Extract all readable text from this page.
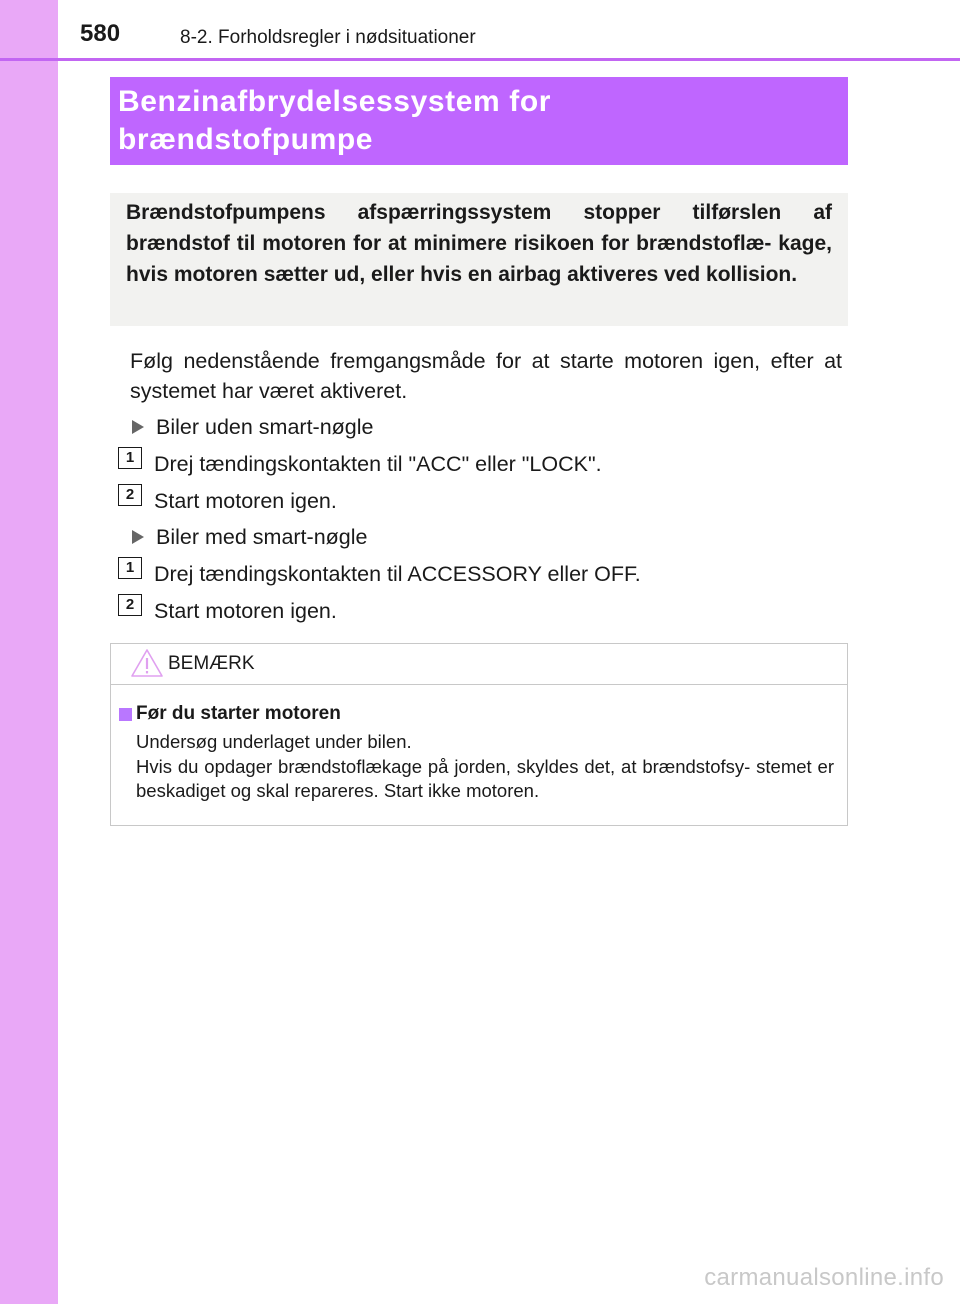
580	8-2. Forholdsregler i nødsituationer
Benzinafbrydelsessystem for
brændstofpumpe

Brændstofpumpens afspærringssystem stopper tilførslen af brændstof til motoren for at minimere risikoen for brændstoflæ- kage, hvis motoren sætter ud, eller hvis en airbag aktiveres ved kollision.

Følg nedenstående fremgangsmåde for at starte motoren igen, efter at systemet har været aktiveret.

Biler uden smart-nøgle
1 Drej tændingskontakten til "ACC" eller "LOCK".
2 Start motoren igen.
Biler med smart-nøgle
1 Drej tændingskontakten til ACCESSORY eller OFF.
2 Start motoren igen.
BEMÆRK
Før du starter motoren

Undersøg underlaget under bilen.
Hvis du opdager brændstoflækage på jorden, skyldes det, at brændstofsy- stemet er beskadiget og skal repareres. Start ikke motoren.

carmanualsonline.info
